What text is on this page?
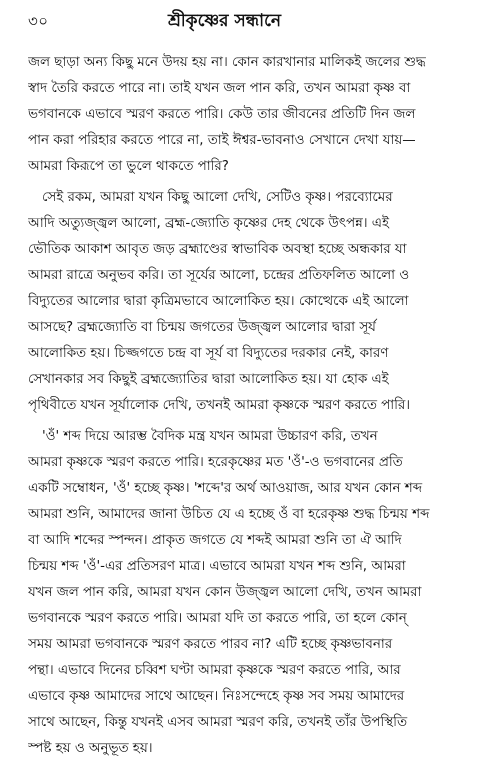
৩০	শ্রীকৃষ্ণের সন্ধানে
জল ছাড়া অন্য কিছু মনে উদয় হয় না। কোন কারখানার মালিকই জলের শুদ্ধ
স্বাদ তৈরি করতে পারে না। তাই যখন জল পান করি, তখন আমরা কৃষ্ণ বা
ভগবানকে এভাবে স্মরণ করতে পারি। কেউ তার জীবনের প্রতিটি দিন জল
পান করা পরিহার করতে পারে না, তাই ঈশ্বর-ভাবনাও সেখানে দেখা যায়—
আমরা কিরূপে তা ভুলে থাকতে পারি?
সেই রকম, আমরা যখন কিছু আলো দেখি, সেটিও কৃষ্ণ। পরব্যোমের
আদি অত্যুজ্জ্বল আলো, ব্রহ্ম-জ্যোতি কৃষ্ণের দেহ থেকে উৎপন্ন। এই
ভৌতিক আকাশ আবৃত জড় ব্রহ্মাণ্ডের স্বাভাবিক অবস্থা হচ্ছে অন্ধকার যা
আমরা রাত্রে অনুভব করি। তা সূর্যের আলো, চন্দ্রের প্রতিফলিত আলো ও
বিদ্যুতের আলোর দ্বারা কৃত্রিমভাবে আলোকিত হয়। কোত্থেকে এই আলো
আসছে? ব্রহ্মজ্যোতি বা চিন্ময় জগতের উজ্জ্বল আলোর দ্বারা সূর্য
আলোকিত হয়। চিজ্জগতে চন্দ্র বা সূর্য বা বিদ্যুতের দরকার নেই, কারণ
সেখানকার সব কিছুই ব্রহ্মজ্যোতির দ্বারা আলোকিত হয়। যা হোক এই
পৃথিবীতে যখন সূর্যালোক দেখি, তখনই আমরা কৃষ্ণকে স্মরণ করতে পারি।
'ওঁ' শব্দ দিয়ে আরম্ভ বৈদিক মন্ত্র যখন আমরা উচ্চারণ করি, তখন
আমরা কৃষ্ণকে স্মরণ করতে পারি। হরেকৃষ্ণের মত 'ওঁ'-ও ভগবানের প্রতি
একটি সম্বোধন, 'ওঁ' হচ্ছে কৃষ্ণ। 'শব্দে'র অর্থ আওয়াজ, আর যখন কোন শব্দ
আমরা শুনি, আমাদের জানা উচিত যে এ হচ্ছে ওঁ বা হরেকৃষ্ণ শুদ্ধ চিন্ময় শব্দ
বা আদি শব্দের স্পন্দন। প্রাকৃত জগতে যে শব্দই আমরা শুনি তা ঐ আদি
চিন্ময় শব্দ 'ওঁ'-এর প্রতিসরণ মাত্র। এভাবে আমরা যখন শব্দ শুনি, আমরা
যখন জল পান করি, আমরা যখন কোন উজ্জ্বল আলো দেখি, তখন আমরা
ভগবানকে স্মরণ করতে পারি। আমরা যদি তা করতে পারি, তা হলে কোন্
সময় আমরা ভগবানকে স্মরণ করতে পারব না? এটি হচ্ছে কৃষ্ণভাবনার
পন্থা। এভাবে দিনের চব্বিশ ঘণ্টা আমরা কৃষ্ণকে স্মরণ করতে পারি, আর
এভাবে কৃষ্ণ আমাদের সাথে আছেন। নিঃসন্দেহে কৃষ্ণ সব সময় আমাদের
সাথে আছেন, কিন্তু যখনই এসব আমরা স্মরণ করি, তখনই তাঁর উপস্থিতি
স্পষ্ট হয় ও অনুভূত হয়।
